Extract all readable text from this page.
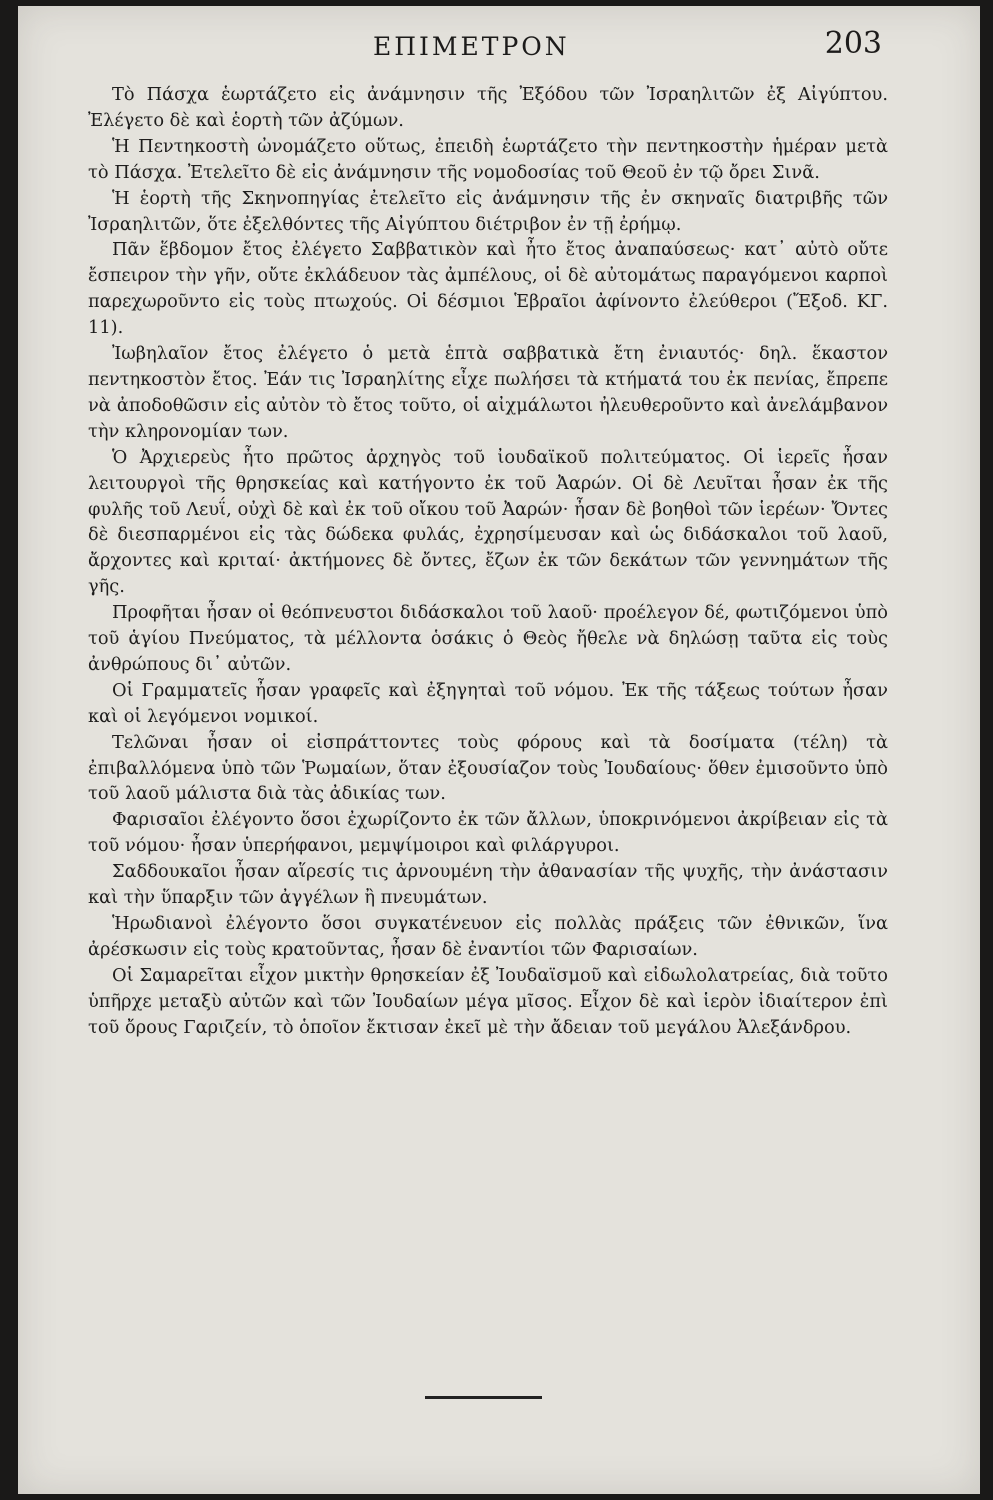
ΕΠΙΜΕΤΡΟΝ	203

Τὸ Πάσχα ἑωρτάζετο εἰς ἀνάμνησιν τῆς Ἐξόδου τῶν Ἰσραηλιτῶν ἐξ Αἰγύπτου. Ἐλέγετο δὲ καὶ ἑορτὴ τῶν ἀζύμων.

Ἡ Πεντηκοστὴ ὠνομάζετο οὕτως, ἐπειδὴ ἑωρτάζετο τὴν πεντηκοστὴν ἡμέραν μετὰ τὸ Πάσχα. Ἐτελεῖτο δὲ εἰς ἀνάμνησιν τῆς νομοδοσίας τοῦ Θεοῦ ἐν τῷ ὄρει Σινᾶ.

Ἡ ἑορτὴ τῆς Σκηνοπηγίας ἐτελεῖτο εἰς ἀνάμνησιν τῆς ἐν σκηναῖς διατριβῆς τῶν Ἰσραηλιτῶν, ὅτε ἐξελθόντες τῆς Αἰγύπτου διέτριβον ἐν τῇ ἐρήμῳ.

Πᾶν ἕβδομον ἔτος ἐλέγετο Σαββατικὸν καὶ ἦτο ἔτος ἀναπαύσεως· κατ᾽ αὐτὸ οὔτε ἔσπειρον τὴν γῆν, οὔτε ἐκλάδευον τὰς ἀμπέλους, οἱ δὲ αὐτομάτως παραγόμενοι καρποὶ παρεχωροῦντο εἰς τοὺς πτωχούς. Οἱ δέσμιοι Ἑβραῖοι ἀφίνοντο ἐλεύθεροι (Ἔξοδ. ΚΓ. 11).

Ἰωβηλαῖον ἔτος ἐλέγετο ὁ μετὰ ἑπτὰ σαββατικὰ ἔτη ἐνιαυτός· δηλ. ἕκαστον πεντηκοστὸν ἔτος. Ἐάν τις Ἰσραηλίτης εἶχε πωλήσει τὰ κτήματά του ἐκ πενίας, ἔπρεπε νὰ ἀποδοθῶσιν εἰς αὐτὸν τὸ ἔτος τοῦτο, οἱ αἰχμάλωτοι ἠλευθεροῦντο καὶ ἀνελάμβανον τὴν κληρονομίαν των.

Ὁ Ἀρχιερεὺς ἦτο πρῶτος ἀρχηγὸς τοῦ ἰουδαϊκοῦ πολιτεύματος. Οἱ ἱερεῖς ἦσαν λειτουργοὶ τῆς θρησκείας καὶ κατήγοντο ἐκ τοῦ Ἀαρών. Οἱ δὲ Λευῖται ἦσαν ἐκ τῆς φυλῆς τοῦ Λευΐ, οὐχὶ δὲ καὶ ἐκ τοῦ οἴκου τοῦ Ἀαρών· ἦσαν δὲ βοηθοὶ τῶν ἱερέων· Ὄντες δὲ διεσπαρμένοι εἰς τὰς δώδεκα φυλάς, ἐχρησίμευσαν καὶ ὡς διδάσκαλοι τοῦ λαοῦ, ἄρχοντες καὶ κριταί· ἀκτήμονες δὲ ὄντες, ἔζων ἐκ τῶν δεκάτων τῶν γεννημάτων τῆς γῆς.

Προφῆται ἦσαν οἱ θεόπνευστοι διδάσκαλοι τοῦ λαοῦ· προέλεγον δέ, φωτιζόμενοι ὑπὸ τοῦ ἁγίου Πνεύματος, τὰ μέλλοντα ὁσάκις ὁ Θεὸς ἤθελε νὰ δηλώσῃ ταῦτα εἰς τοὺς ἀνθρώπους δι᾽ αὐτῶν.

Οἱ Γραμματεῖς ἦσαν γραφεῖς καὶ ἐξηγηταὶ τοῦ νόμου. Ἐκ τῆς τάξεως τούτων ἦσαν καὶ οἱ λεγόμενοι νομικοί.

Τελῶναι ἦσαν οἱ εἰσπράττοντες τοὺς φόρους καὶ τὰ δοσίματα (τέλη) τὰ ἐπιβαλλόμενα ὑπὸ τῶν Ῥωμαίων, ὅταν ἐξουσίαζον τοὺς Ἰουδαίους· ὅθεν ἐμισοῦντο ὑπὸ τοῦ λαοῦ μάλιστα διὰ τὰς ἀδικίας των.

Φαρισαῖοι ἐλέγοντο ὅσοι ἐχωρίζοντο ἐκ τῶν ἄλλων, ὑποκρινόμενοι ἀκρίβειαν εἰς τὰ τοῦ νόμου· ἦσαν ὑπερήφανοι, μεμψίμοιροι καὶ φιλάργυροι.

Σαδδουκαῖοι ἦσαν αἵρεσίς τις ἀρνουμένη τὴν ἀθανασίαν τῆς ψυχῆς, τὴν ἀνάστασιν καὶ τὴν ὕπαρξιν τῶν ἀγγέλων ἢ πνευμάτων.

Ἡρωδιανοὶ ἐλέγοντο ὅσοι συγκατένευον εἰς πολλὰς πράξεις τῶν ἐθνικῶν, ἵνα ἀρέσκωσιν εἰς τοὺς κρατοῦντας, ἦσαν δὲ ἐναντίοι τῶν Φαρισαίων.

Οἱ Σαμαρεῖται εἶχον μικτὴν θρησκείαν ἐξ Ἰουδαϊσμοῦ καὶ εἰδωλολατρείας, διὰ τοῦτο ὑπῆρχε μεταξὺ αὐτῶν καὶ τῶν Ἰουδαίων μέγα μῖσος. Εἶχον δὲ καὶ ἱερὸν ἰδιαίτερον ἐπὶ τοῦ ὄρους Γαριζείν, τὸ ὁποῖον ἔκτισαν ἐκεῖ μὲ τὴν ἄδειαν τοῦ μεγάλου Ἀλεξάνδρου.
